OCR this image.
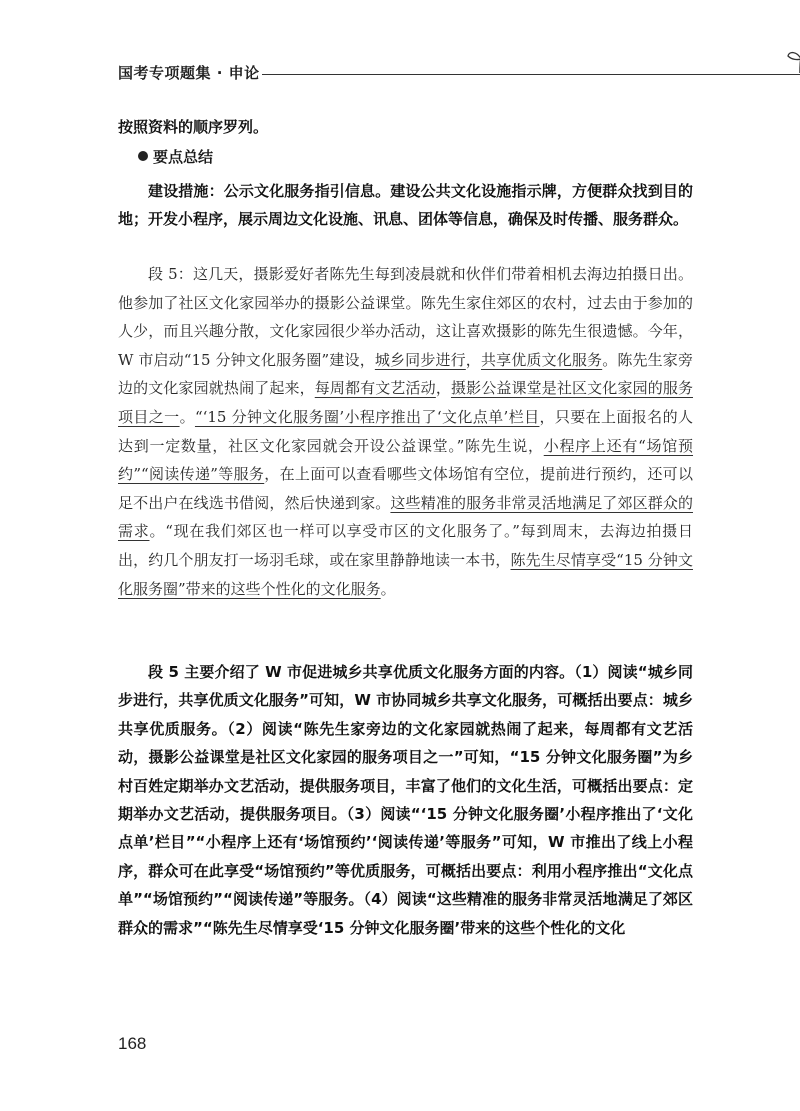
国考专项题集 · 申论
按照资料的顺序罗列。
要点总结
建设措施：公示文化服务指引信息。建设公共文化设施指示牌，方便群众找到目的地；开发小程序，展示周边文化设施、讯息、团体等信息，确保及时传播、服务群众。
段 5：这几天，摄影爱好者陈先生每到凌晨就和伙伴们带着相机去海边拍摄日出。他参加了社区文化家园举办的摄影公益课堂。陈先生家住郊区的农村，过去由于参加的人少，而且兴趣分散，文化家园很少举办活动，这让喜欢摄影的陈先生很遗憾。今年，W 市启动“15 分钟文化服务圈”建设，城乡同步进行，共享优质文化服务。陈先生家旁边的文化家园就热闹了起来，每周都有文艺活动，摄影公益课堂是社区文化家园的服务项目之一。“‘15 分钟文化服务圈’小程序推出了‘文化点单’栏目，只要在上面报名的人达到一定数量，社区文化家园就会开设公益课堂。”陈先生说，小程序上还有“场馆预约”“阅读传递”等服务，在上面可以查看哪些文体场馆有空位，提前进行预约，还可以足不出户在线选书借阅，然后快递到家。这些精准的服务非常灵活地满足了郊区群众的需求。“现在我们郊区也一样可以享受市区的文化服务了。”每到周末，去海边拍摄日出，约几个朋友打一场羽毛球，或在家里静静地读一本书，陈先生尽情享受“15 分钟文化服务圈”带来的这些个性化的文化服务。
段 5 主要介绍了 W 市促进城乡共享优质文化服务方面的内容。（1）阅读“城乡同步进行，共享优质文化服务”可知，W 市协同城乡共享文化服务，可概括出要点：城乡共享优质服务。（2）阅读“陈先生家旁边的文化家园就热闹了起来，每周都有文艺活动，摄影公益课堂是社区文化家园的服务项目之一”可知，“15 分钟文化服务圈”为乡村百姓定期举办文艺活动，提供服务项目，丰富了他们的文化生活，可概括出要点：定期举办文艺活动，提供服务项目。（3）阅读“‘15 分钟文化服务圈’小程序推出了‘文化点单’栏目”“小程序上还有‘场馆预约’‘阅读传递’等服务”可知，W 市推出了线上小程序，群众可在此享受“场馆预约”等优质服务，可概括出要点：利用小程序推出“文化点单”“场馆预约”“阅读传递”等服务。（4）阅读“这些精准的服务非常灵活地满足了郊区群众的需求”“陈先生尽情享受‘15 分钟文化服务圈’带来的这些个性化的文化
168
